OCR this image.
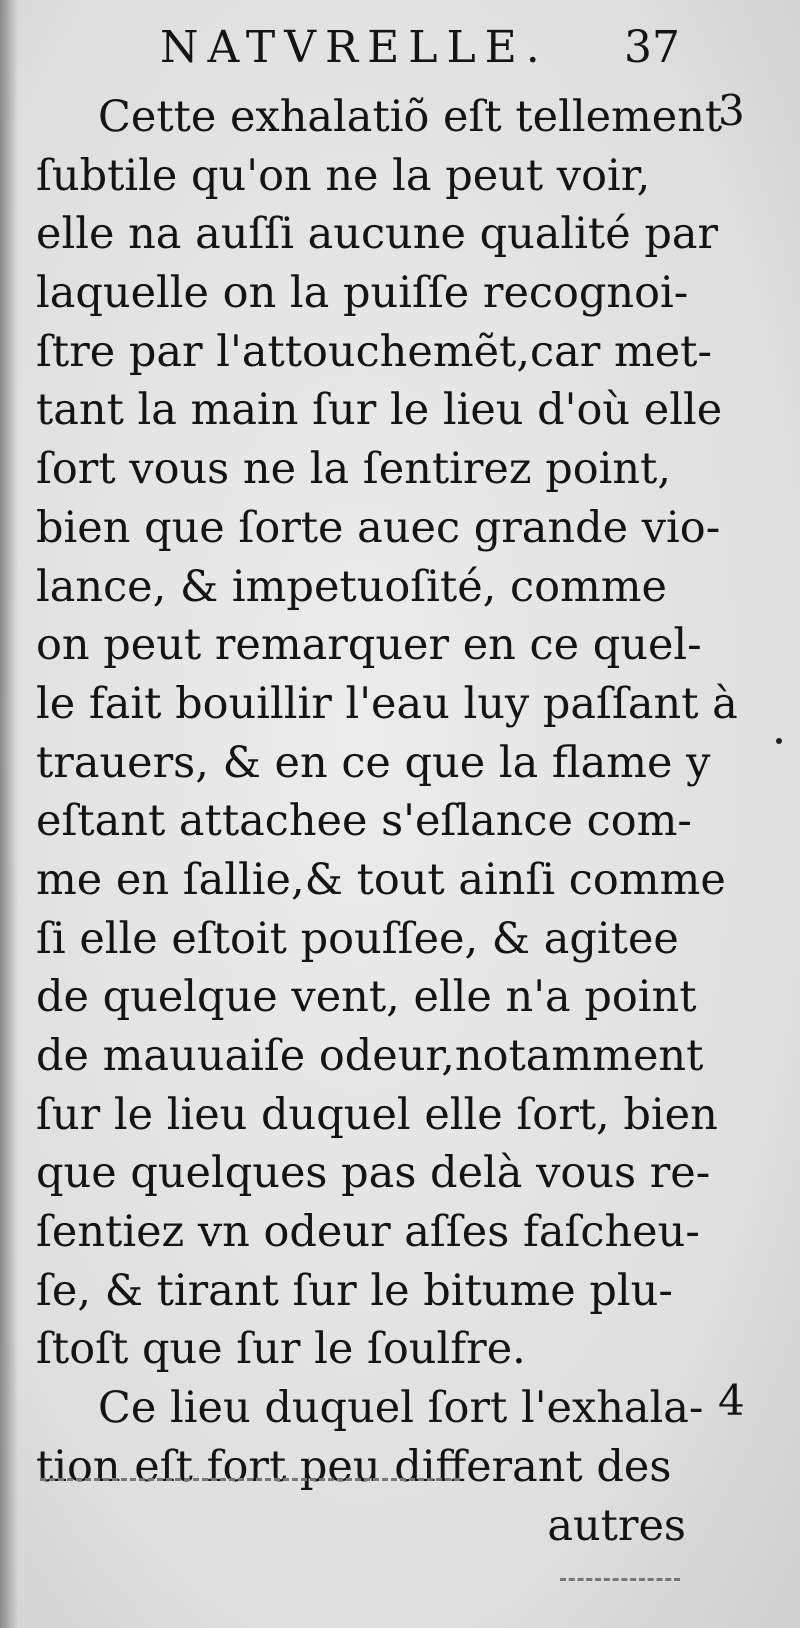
NATVRELLE. 37
3
4
Cette exhalatiõ eſt tellement
ſubtile qu'on ne la peut voir,
elle na auſſi aucune qualité par
laquelle on la puiſſe recognoi-
ſtre par l'attouchemẽt,car met-
tant la main ſur le lieu d'où elle
ſort vous ne la ſentirez point,
bien que ſorte auec grande vio-
lance, & impetuoſité, comme
on peut remarquer en ce quel-
le fait bouillir l'eau luy paſſant à
trauers, & en ce que la flame y
eſtant attachee s'eſlance com-
me en ſallie,& tout ainſi comme
ſi elle eſtoit pouſſee, & agitee
de quelque vent, elle n'a point
de mauuaiſe odeur,notamment
ſur le lieu duquel elle ſort, bien
que quelques pas delà vous re-
ſentiez vn odeur aſſes faſcheu-
ſe, & tirant ſur le bitume plu-
ſtoſt que ſur le ſoulfre.
Ce lieu duquel ſort l'exhala-
tion eſt fort peu differant des
autres
